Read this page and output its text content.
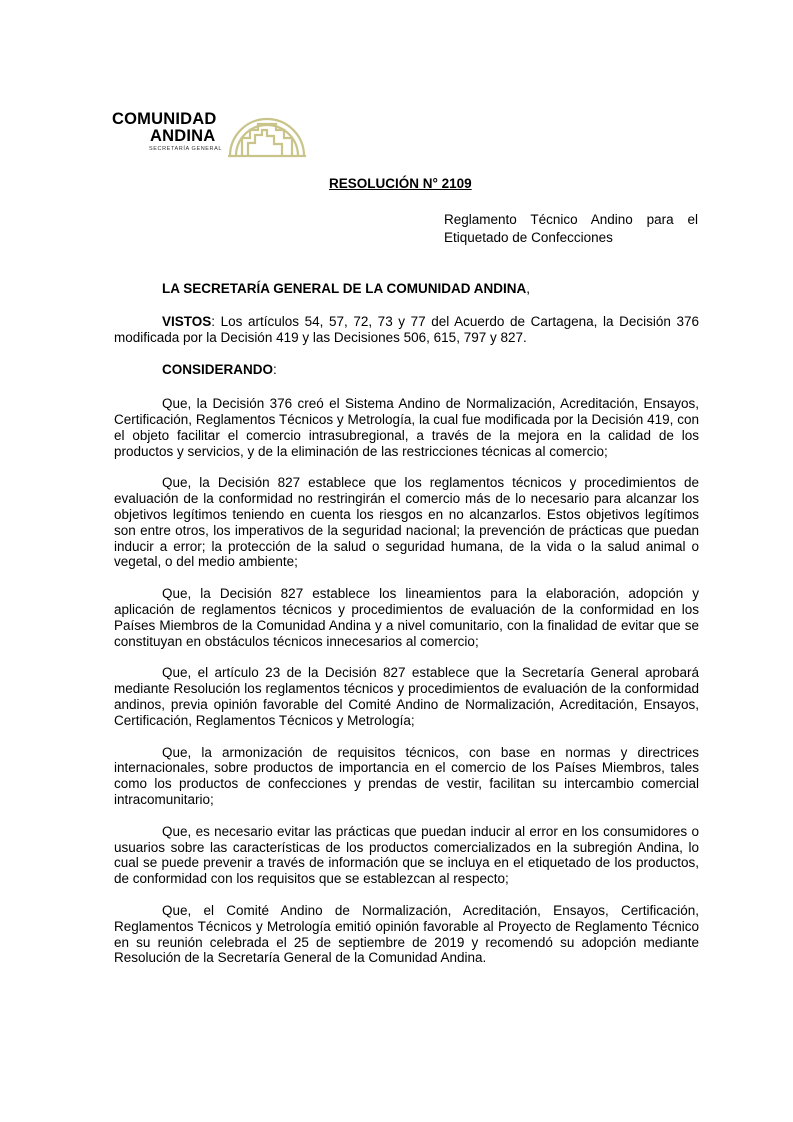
COMUNIDAD
ANDINA
SECRETARÍA GENERAL
RESOLUCIÓN N° 2109
Reglamento Técnico Andino para el Etiquetado de Confecciones

LA SECRETARÍA GENERAL DE LA COMUNIDAD ANDINA,

VISTOS: Los artículos 54, 57, 72, 73 y 77 del Acuerdo de Cartagena, la Decisión 376 modificada por la Decisión 419 y las Decisiones 506, 615, 797 y 827.

CONSIDERANDO:

Que, la Decisión 376 creó el Sistema Andino de Normalización, Acreditación, Ensayos, Certificación, Reglamentos Técnicos y Metrología, la cual fue modificada por la Decisión 419, con el objeto facilitar el comercio intrasubregional, a través de la mejora en la calidad de los productos y servicios, y de la eliminación de las restricciones técnicas al comercio;

Que, la Decisión 827 establece que los reglamentos técnicos y procedimientos de evaluación de la conformidad no restringirán el comercio más de lo necesario para alcanzar los objetivos legítimos teniendo en cuenta los riesgos en no alcanzarlos. Estos objetivos legítimos son entre otros, los imperativos de la seguridad nacional; la prevención de prácticas que puedan inducir a error; la protección de la salud o seguridad humana, de la vida o la salud animal o vegetal, o del medio ambiente;

Que, la Decisión 827 establece los lineamientos para la elaboración, adopción y aplicación de reglamentos técnicos y procedimientos de evaluación de la conformidad en los Países Miembros de la Comunidad Andina y a nivel comunitario, con la finalidad de evitar que se constituyan en obstáculos técnicos innecesarios al comercio;

Que, el artículo 23 de la Decisión 827 establece que la Secretaría General aprobará mediante Resolución los reglamentos técnicos y procedimientos de evaluación de la conformidad andinos, previa opinión favorable del Comité Andino de Normalización, Acreditación, Ensayos, Certificación, Reglamentos Técnicos y Metrología;

Que, la armonización de requisitos técnicos, con base en normas y directrices internacionales, sobre productos de importancia en el comercio de los Países Miembros, tales como los productos de confecciones y prendas de vestir, facilitan su intercambio comercial intracomunitario;

Que, es necesario evitar las prácticas que puedan inducir al error en los consumidores o usuarios sobre las características de los productos comercializados en la subregión Andina, lo cual se puede prevenir a través de información que se incluya en el etiquetado de los productos, de conformidad con los requisitos que se establezcan al respecto;

Que, el Comité Andino de Normalización, Acreditación, Ensayos, Certificación, Reglamentos Técnicos y Metrología emitió opinión favorable al Proyecto de Reglamento Técnico en su reunión celebrada el 25 de septiembre de 2019 y recomendó su adopción mediante Resolución de la Secretaría General de la Comunidad Andina.
